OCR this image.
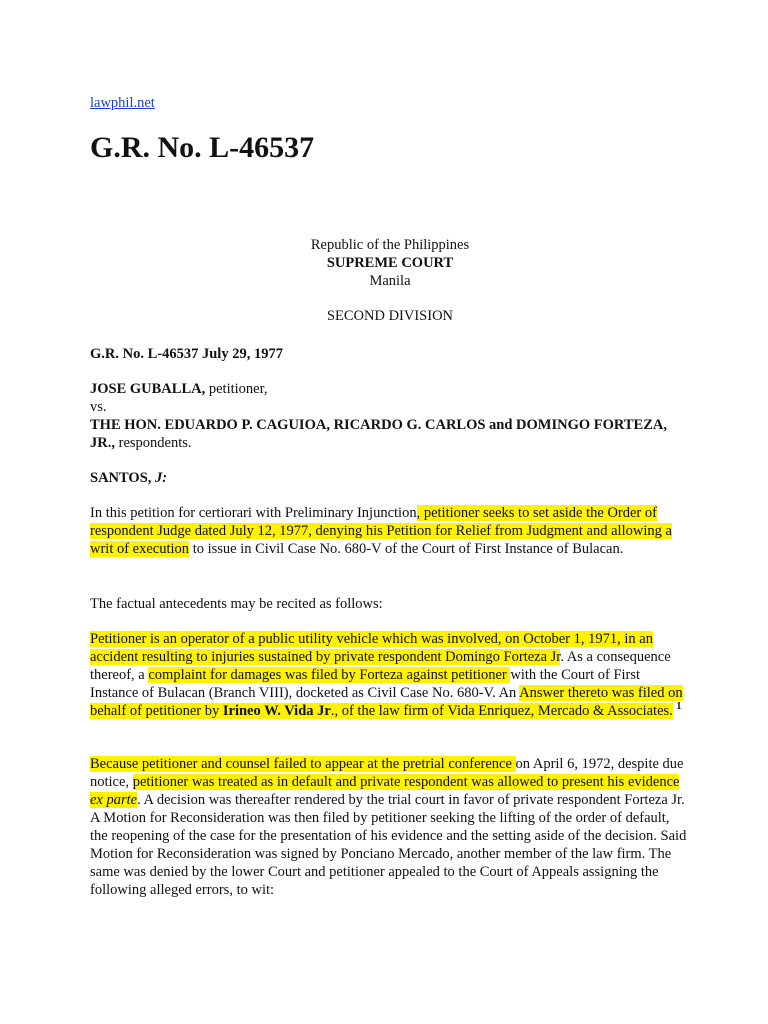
lawphil.net
G.R. No. L-46537
Republic of the Philippines
SUPREME COURT
Manila
SECOND DIVISION
G.R. No. L-46537 July 29, 1977
JOSE GUBALLA, petitioner,
vs.
THE HON. EDUARDO P. CAGUIOA, RICARDO G. CARLOS and DOMINGO FORTEZA, JR., respondents.
SANTOS, J:

In this petition for certiorari with Preliminary Injunction, petitioner seeks to set aside the Order of respondent Judge dated July 12, 1977, denying his Petition for Relief from Judgment and allowing a writ of execution to issue in Civil Case No. 680-V of the Court of First Instance of Bulacan.

The factual antecedents may be recited as follows:

Petitioner is an operator of a public utility vehicle which was involved, on October 1, 1971, in an accident resulting to injuries sustained by private respondent Domingo Forteza Jr. As a consequence thereof, a complaint for damages was filed by Forteza against petitioner with the Court of First Instance of Bulacan (Branch VIII), docketed as Civil Case No. 680-V. An Answer thereto was filed on behalf of petitioner by Irineo W. Vida Jr., of the law firm of Vida Enriquez, Mercado & Associates. $^1$

Because petitioner and counsel failed to appear at the pretrial conference on April 6, 1972, despite due notice, petitioner was treated as in default and private respondent was allowed to present his evidence ex parte. A decision was thereafter rendered by the trial court in favor of private respondent Forteza Jr. A Motion for Reconsideration was then filed by petitioner seeking the lifting of the order of default, the reopening of the case for the presentation of his evidence and the setting aside of the decision. Said Motion for Reconsideration was signed by Ponciano Mercado, another member of the law firm. The same was denied by the lower Court and petitioner appealed to the Court of Appeals assigning the following alleged errors, to wit:
